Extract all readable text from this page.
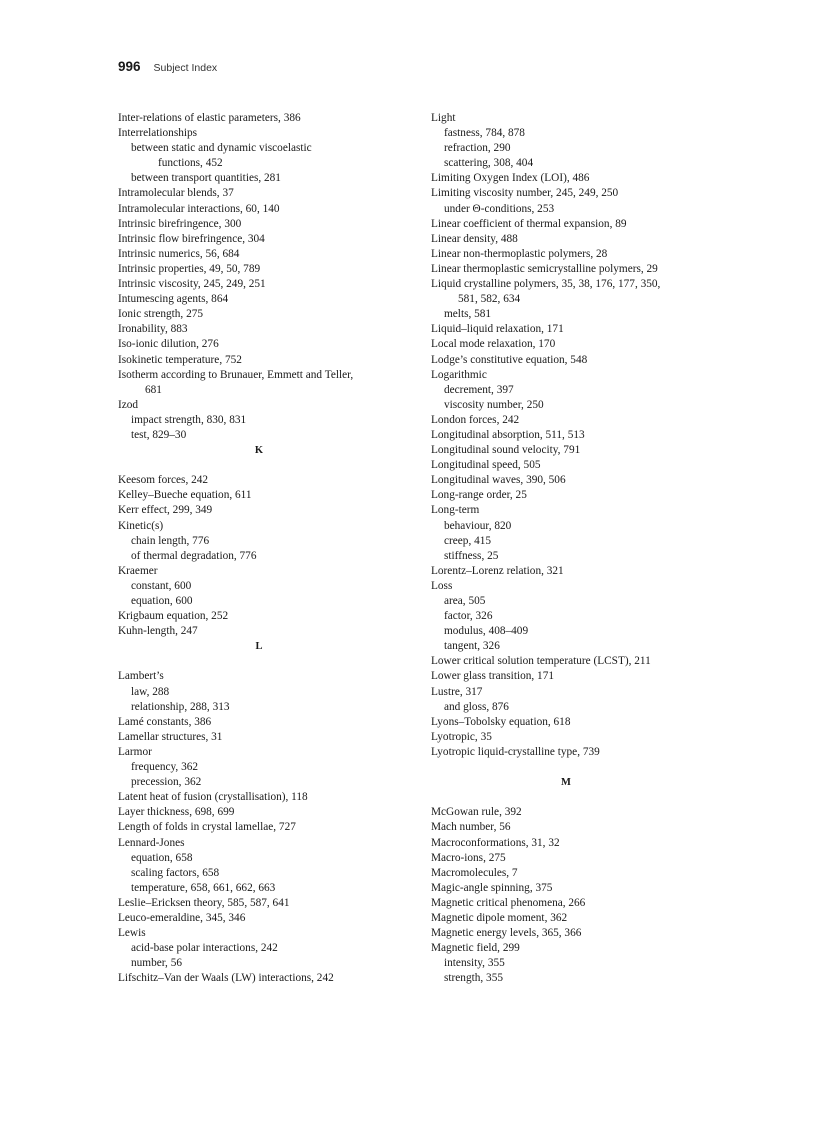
996 Subject Index
Inter-relations of elastic parameters, 386
Interrelationships
between static and dynamic viscoelastic
functions, 452
between transport quantities, 281
Intramolecular blends, 37
Intramolecular interactions, 60, 140
Intrinsic birefringence, 300
Intrinsic flow birefringence, 304
Intrinsic numerics, 56, 684
Intrinsic properties, 49, 50, 789
Intrinsic viscosity, 245, 249, 251
Intumescing agents, 864
Ionic strength, 275
Ironability, 883
Iso-ionic dilution, 276
Isokinetic temperature, 752
Isotherm according to Brunauer, Emmett and Teller,
681
Izod
impact strength, 830, 831
test, 829–30
K
Keesom forces, 242
Kelley–Bueche equation, 611
Kerr effect, 299, 349
Kinetic(s)
chain length, 776
of thermal degradation, 776
Kraemer
constant, 600
equation, 600
Krigbaum equation, 252
Kuhn-length, 247
L
Lambert’s
law, 288
relationship, 288, 313
Lamé constants, 386
Lamellar structures, 31
Larmor
frequency, 362
precession, 362
Latent heat of fusion (crystallisation), 118
Layer thickness, 698, 699
Length of folds in crystal lamellae, 727
Lennard-Jones
equation, 658
scaling factors, 658
temperature, 658, 661, 662, 663
Leslie–Ericksen theory, 585, 587, 641
Leuco-emeraldine, 345, 346
Lewis
acid-base polar interactions, 242
number, 56
Lifschitz–Van der Waals (LW) interactions, 242
Light
fastness, 784, 878
refraction, 290
scattering, 308, 404
Limiting Oxygen Index (LOI), 486
Limiting viscosity number, 245, 249, 250
under Θ-conditions, 253
Linear coefficient of thermal expansion, 89
Linear density, 488
Linear non-thermoplastic polymers, 28
Linear thermoplastic semicrystalline polymers, 29
Liquid crystalline polymers, 35, 38, 176, 177, 350,
581, 582, 634
melts, 581
Liquid–liquid relaxation, 171
Local mode relaxation, 170
Lodge’s constitutive equation, 548
Logarithmic
decrement, 397
viscosity number, 250
London forces, 242
Longitudinal absorption, 511, 513
Longitudinal sound velocity, 791
Longitudinal speed, 505
Longitudinal waves, 390, 506
Long-range order, 25
Long-term
behaviour, 820
creep, 415
stiffness, 25
Lorentz–Lorenz relation, 321
Loss
area, 505
factor, 326
modulus, 408–409
tangent, 326
Lower critical solution temperature (LCST), 211
Lower glass transition, 171
Lustre, 317
and gloss, 876
Lyons–Tobolsky equation, 618
Lyotropic, 35
Lyotropic liquid-crystalline type, 739
M
McGowan rule, 392
Mach number, 56
Macroconformations, 31, 32
Macro-ions, 275
Macromolecules, 7
Magic-angle spinning, 375
Magnetic critical phenomena, 266
Magnetic dipole moment, 362
Magnetic energy levels, 365, 366
Magnetic field, 299
intensity, 355
strength, 355
